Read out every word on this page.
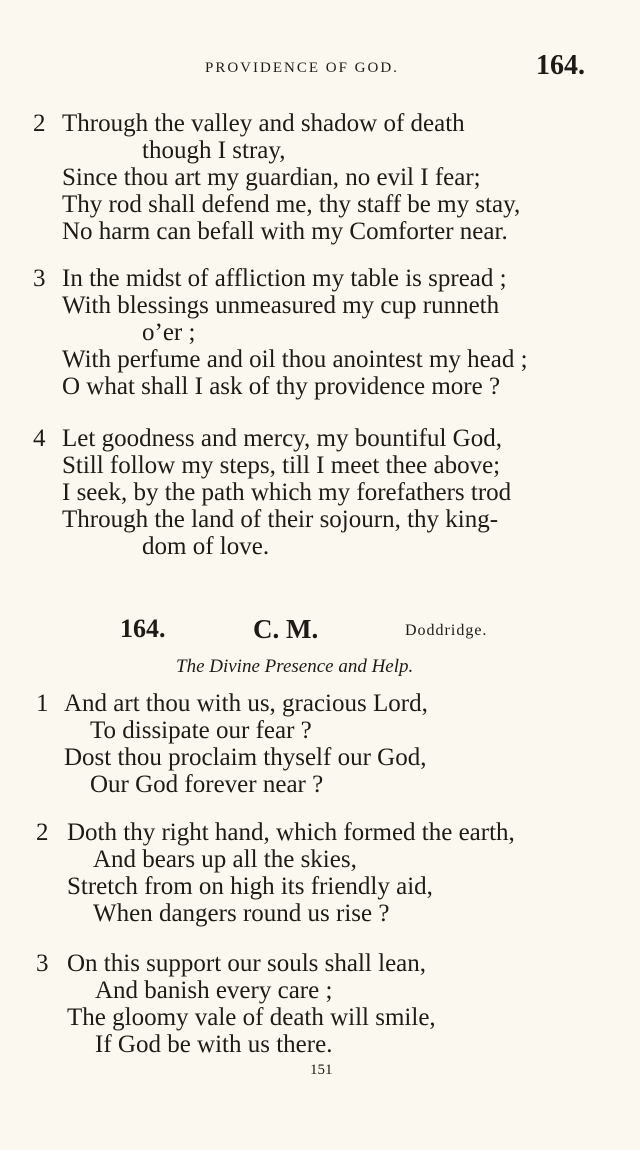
PROVIDENCE OF GOD.	164.
2 Through the valley and shadow of death
though I stray,
Since thou art my guardian, no evil I fear;
Thy rod shall defend me, thy staff be my stay,
No harm can befall with my Comforter near.
3 In the midst of affliction my table is spread ;
With blessings unmeasured my cup runneth
o’er ;
With perfume and oil thou anointest my head ;
O what shall I ask of thy providence more ?
4 Let goodness and mercy, my bountiful God,
Still follow my steps, till I meet thee above;
I seek, by the path which my forefathers trod
Through the land of their sojourn, thy king-
dom of love.
164.	C. M.	Doddridge.
The Divine Presence and Help.
1 And art thou with us, gracious Lord,
To dissipate our fear ?
Dost thou proclaim thyself our God,
Our God forever near ?
2 Doth thy right hand, which formed the earth,
And bears up all the skies,
Stretch from on high its friendly aid,
When dangers round us rise ?
3 On this support our souls shall lean,
And banish every care ;
The gloomy vale of death will smile,
If God be with us there.
151
